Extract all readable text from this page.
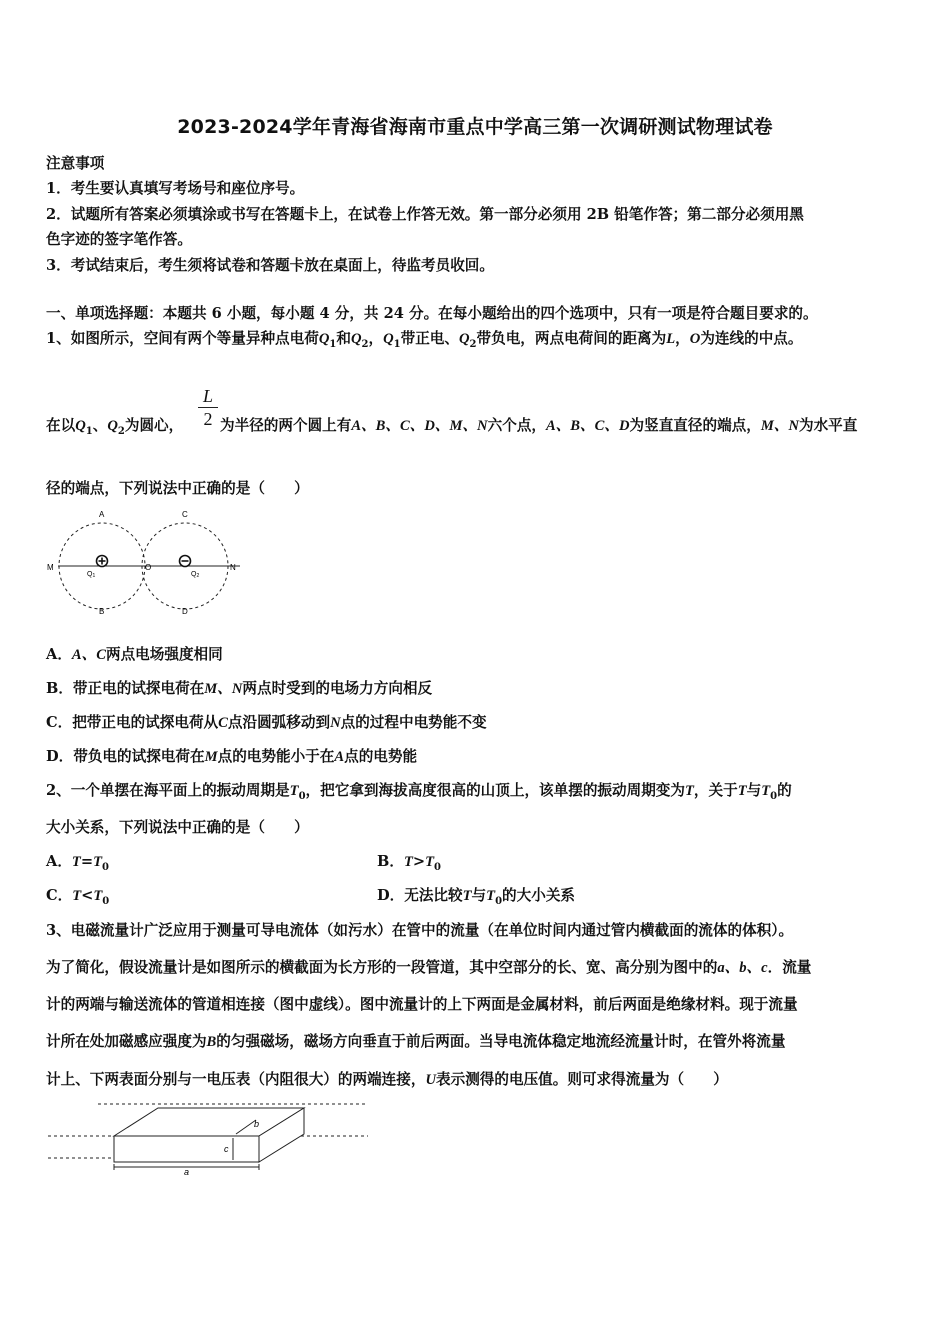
2023-2024学年青海省海南市重点中学高三第一次调研测试物理试卷
注意事项
1．考生要认真填写考场号和座位序号。
2．试题所有答案必须填涂或书写在答题卡上，在试卷上作答无效。第一部分必须用 2B 铅笔作答；第二部分必须用黑
色字迹的签字笔作答。
3．考试结束后，考生须将试卷和答题卡放在桌面上，待监考员收回。
一、单项选择题：本题共 6 小题，每小题 4 分，共 24 分。在每小题给出的四个选项中，只有一项是符合题目要求的。
1、如图所示，空间有两个等量异种点电荷$Q_1$和$Q_2$，$Q_1$带正电、$Q_2$带负电，两点电荷间的距离为L，O为连线的中点。
在以$Q_1$、$Q_2$为圆心，
L
2 为半径的两个圆上有A、B、C、D、M、N六个点，A、B、C、D为竖直直径的端点，M、N为水平直
径的端点，下列说法中正确的是（　　）
A
B
C
D
M	N
O
Q1	Q2
A．A、C两点电场强度相同
B．带正电的试探电荷在M、N两点时受到的电场力方向相反
C．把带正电的试探电荷从C点沿圆弧移动到N点的过程中电势能不变
D．带负电的试探电荷在M点的电势能小于在A点的电势能
2、一个单摆在海平面上的振动周期是$T_0$，把它拿到海拔高度很高的山顶上，该单摆的振动周期变为T，关于T与$T_0$的
大小关系，下列说法中正确的是（　　）
A．$T=T_0$	B．$T>T_0$
C．$T<T_0$	D．无法比较T与$T_0$的大小关系
3、电磁流量计广泛应用于测量可导电流体（如污水）在管中的流量（在单位时间内通过管内横截面的流体的体积）。
为了简化，假设流量计是如图所示的横截面为长方形的一段管道，其中空部分的长、宽、高分别为图中的a、b、c．流量
计的两端与输送流体的管道相连接（图中虚线）。图中流量计的上下两面是金属材料，前后两面是绝缘材料。现于流量
计所在处加磁感应强度为B的匀强磁场，磁场方向垂直于前后两面。当导电流体稳定地流经流量计时，在管外将流量
计上、下两表面分别与一电压表（内阻很大）的两端连接，U表示测得的电压值。则可求得流量为（　　）
b
c
a
